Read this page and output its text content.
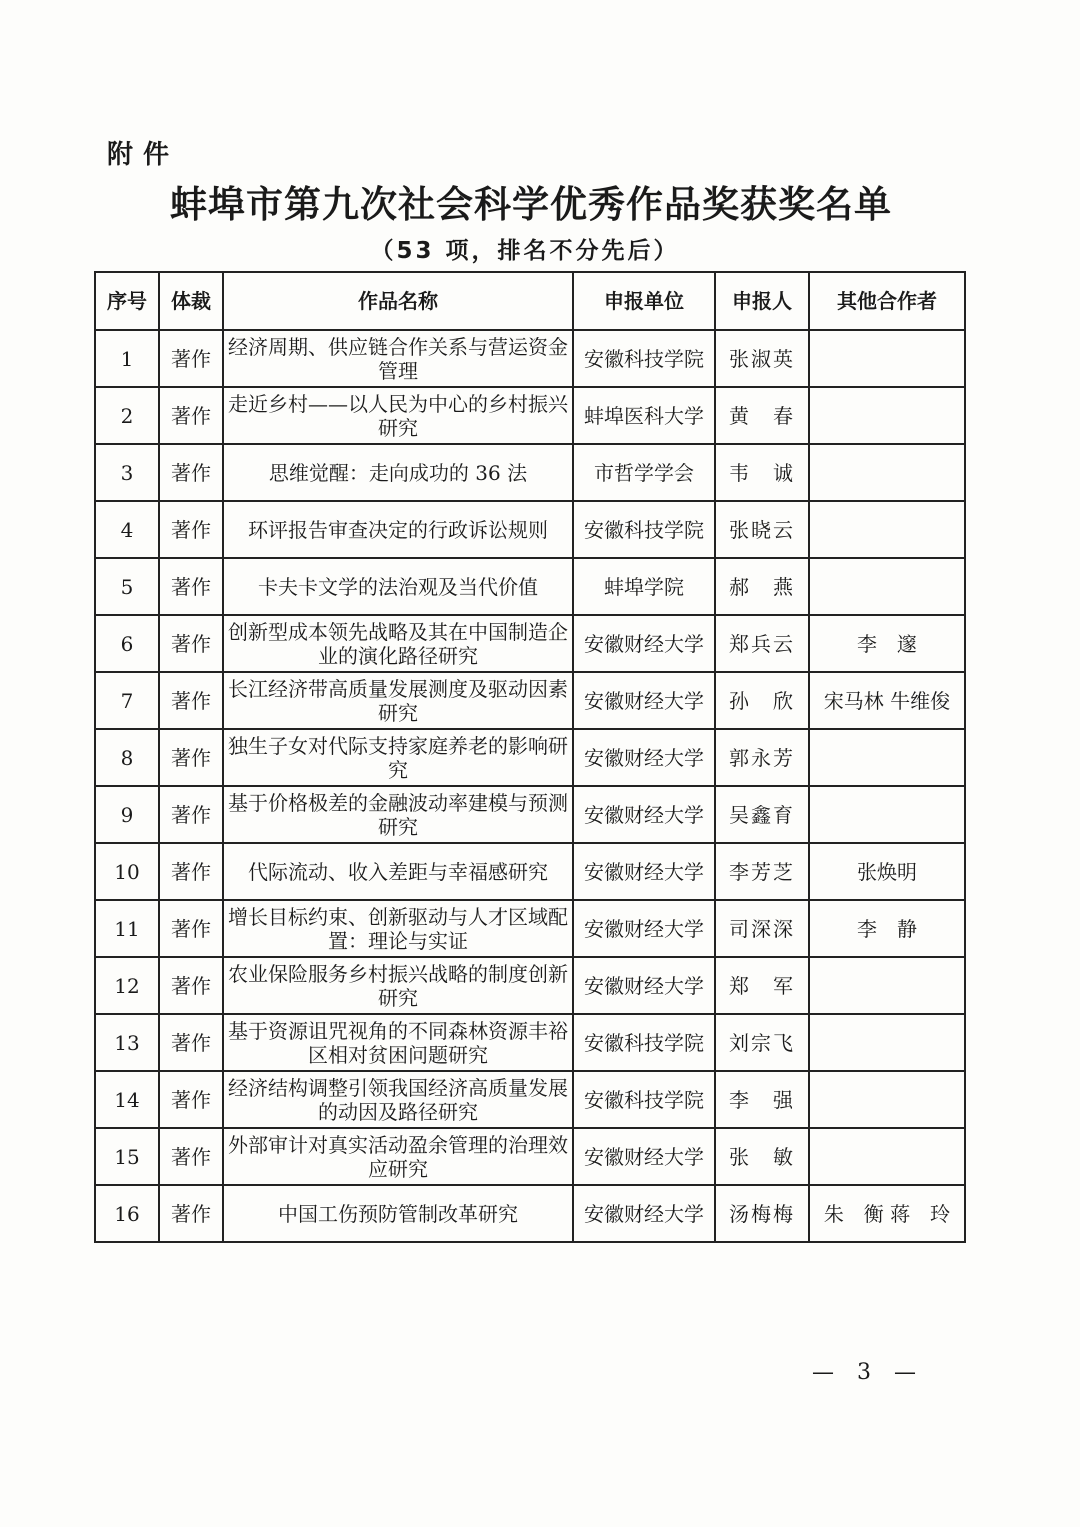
附件
蚌埠市第九次社会科学优秀作品奖获奖名单
（53 项，排名不分先后）
序号	体裁	作品名称	申报单位	申报人	其他合作者
1	著作	经济周期、供应链合作关系与营运资金管理	安徽科技学院	张淑英	
2	著作	走近乡村——以人民为中心的乡村振兴研究	蚌埠医科大学	黄　春	
3	著作	思维觉醒：走向成功的 36 法	市哲学学会	韦　诚	
4	著作	环评报告审查决定的行政诉讼规则	安徽科技学院	张晓云	
5	著作	卡夫卡文学的法治观及当代价值	蚌埠学院	郝　燕	
6	著作	创新型成本领先战略及其在中国制造企业的演化路径研究	安徽财经大学	郑兵云	李　邃
7	著作	长江经济带高质量发展测度及驱动因素研究	安徽财经大学	孙　欣	宋马林 牛维俊
8	著作	独生子女对代际支持家庭养老的影响研究	安徽财经大学	郭永芳	
9	著作	基于价格极差的金融波动率建模与预测研究	安徽财经大学	吴鑫育	
10	著作	代际流动、收入差距与幸福感研究	安徽财经大学	李芳芝	张焕明
11	著作	增长目标约束、创新驱动与人才区域配置：理论与实证	安徽财经大学	司深深	李　静
12	著作	农业保险服务乡村振兴战略的制度创新研究	安徽财经大学	郑　军	
13	著作	基于资源诅咒视角的不同森林资源丰裕区相对贫困问题研究	安徽科技学院	刘宗飞	
14	著作	经济结构调整引领我国经济高质量发展的动因及路径研究	安徽科技学院	李　强	
15	著作	外部审计对真实活动盈余管理的治理效应研究	安徽财经大学	张　敏	
16	著作	中国工伤预防管制改革研究	安徽财经大学	汤梅梅	朱　衡 蒋　玲
— 3 —
